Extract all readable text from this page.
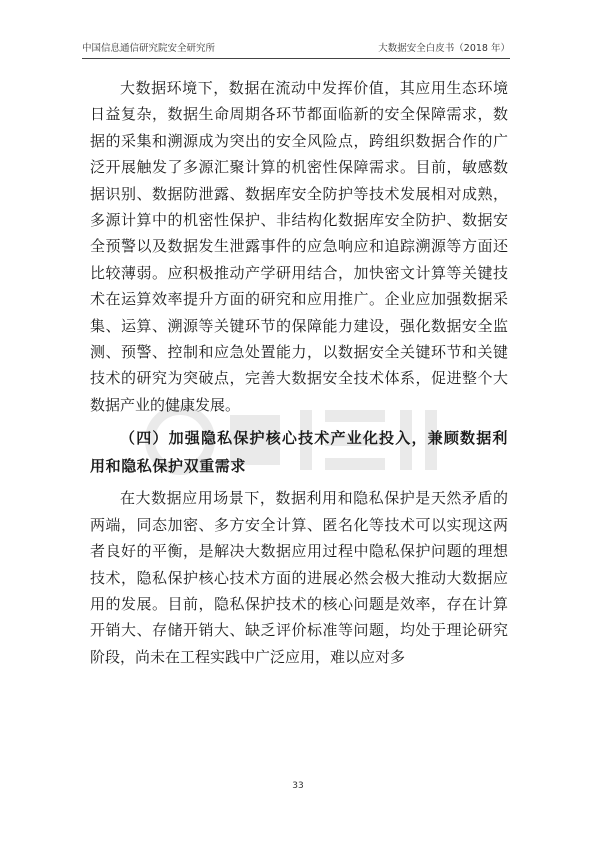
中国信息通信研究院安全研究所	大数据安全白皮书（2018 年）

大数据环境下，数据在流动中发挥价值，其应用生态环境日益复杂，数据生命周期各环节都面临新的安全保障需求，数据的采集和溯源成为突出的安全风险点，跨组织数据合作的广泛开展触发了多源汇聚计算的机密性保障需求。目前，敏感数据识别、数据防泄露、数据库安全防护等技术发展相对成熟，多源计算中的机密性保护、非结构化数据库安全防护、数据安全预警以及数据发生泄露事件的应急响应和追踪溯源等方面还比较薄弱。应积极推动产学研用结合，加快密文计算等关键技术在运算效率提升方面的研究和应用推广。企业应加强数据采集、运算、溯源等关键环节的保障能力建设，强化数据安全监测、预警、控制和应急处置能力，以数据安全关键环节和关键技术的研究为突破点，完善大数据安全技术体系，促进整个大数据产业的健康发展。

（四）加强隐私保护核心技术产业化投入，兼顾数据利用和隐私保护双重需求

在大数据应用场景下，数据利用和隐私保护是天然矛盾的两端，同态加密、多方安全计算、匿名化等技术可以实现这两者良好的平衡，是解决大数据应用过程中隐私保护问题的理想技术，隐私保护核心技术方面的进展必然会极大推动大数据应用的发展。目前，隐私保护技术的核心问题是效率，存在计算开销大、存储开销大、缺乏评价标准等问题，均处于理论研究阶段，尚未在工程实践中广泛应用，难以应对多

33
